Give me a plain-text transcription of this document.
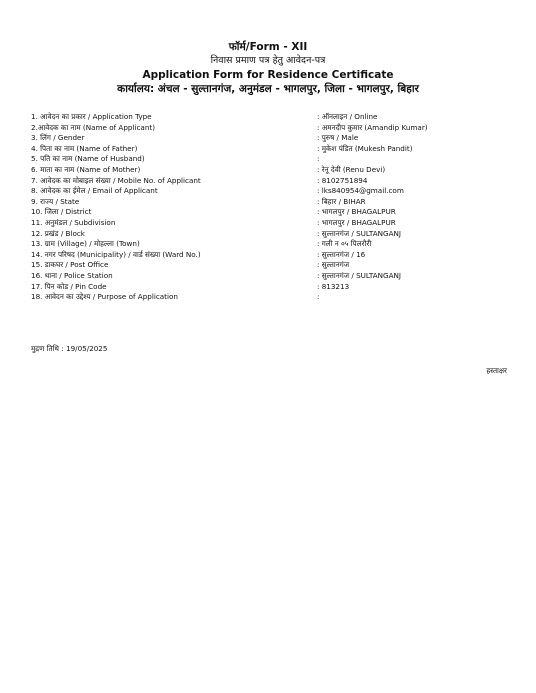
फॉर्म/Form - XII
निवास प्रमाण पत्र हेतु आवेदन-पत्र
Application Form for Residence Certificate
कार्यालय: अंचल - सुल्तानगंज, अनुमंडल - भागलपुर, जिला - भागलपुर, बिहार
1. आवेदन का प्रकार / Application Type	: ऑनलाइन / Online
2.आवेदक का नाम (Name of Applicant)	: अमनदीप कुमार (Amandip Kumar)
3. लिंग / Gender	: पुरुष / Male
4. पिता का नाम (Name of Father)	: मुकेश पंडित (Mukesh Pandit)
5. पति का नाम (Name of Husband)	:
6. माता का नाम (Name of Mother)	: रेनू देवी (Renu Devi)
7. आवेदक का मोबाइल संख्या / Mobile No. of Applicant	: 8102751894
8. आवेदक का ईमेल / Email of Applicant	: lks840954@gmail.com
9. राज्य / State	: बिहार / BIHAR
10. जिला / District	: भागलपुर / BHAGALPUR
11. अनुमंडल / Subdivision	: भागलपुर / BHAGALPUR
12. प्रखंड / Block	: सुल्तानगंज / SULTANGANJ
13. ग्राम (Village) / मोहल्ला (Town)	: गली न ०५ पिलरौरी
14. नगर परिषद (Municipality) / वार्ड संख्या (Ward No.)	: सुल्तानगंज / 16
15. डाकघर / Post Office	: सुल्तानगंज
16. थाना / Police Station	: सुल्तानगंज / SULTANGANJ
17. पिन कोड / Pin Code	: 813213
18. आवेदन का उद्देश्य / Purpose of Application	:
मुद्रण तिथि : 19/05/2025
हस्ताक्षर
